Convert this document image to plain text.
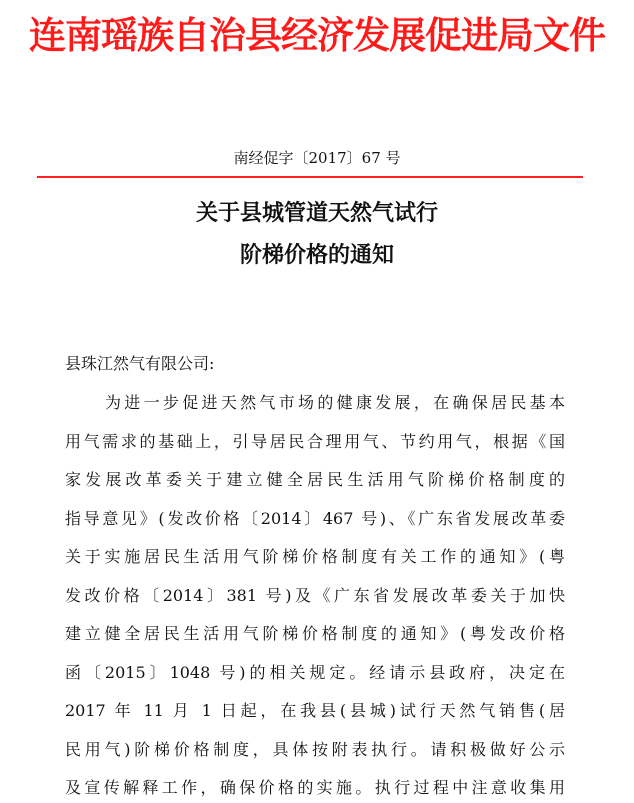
连南瑶族自治县经济发展促进局文件
南经促字〔2017〕67 号
关于县城管道天然气试行
阶梯价格的通知
县珠江然气有限公司:
为进一步促进天然气市场的健康发展，在确保居民基本
用气需求的基础上，引导居民合理用气、节约用气，根据《国
家发展改革委关于建立健全居民生活用气阶梯价格制度的
指导意见》(发改价格〔2014〕467 号)、《广东省发展改革委
关于实施居民生活用气阶梯价格制度有关工作的通知》(粤
发改价格〔2014〕381 号)及《广东省发展改革委关于加快
建立健全居民生活用气阶梯价格制度的通知》(粤发改价格
函〔2015〕1048 号)的相关规定。经请示县政府，决定在
2017 年 11 月 1 日起，在我县(县城)试行天然气销售(居
民用气)阶梯价格制度，具体按附表执行。请积极做好公示
及宣传解释工作，确保价格的实施。执行过程中注意收集用
